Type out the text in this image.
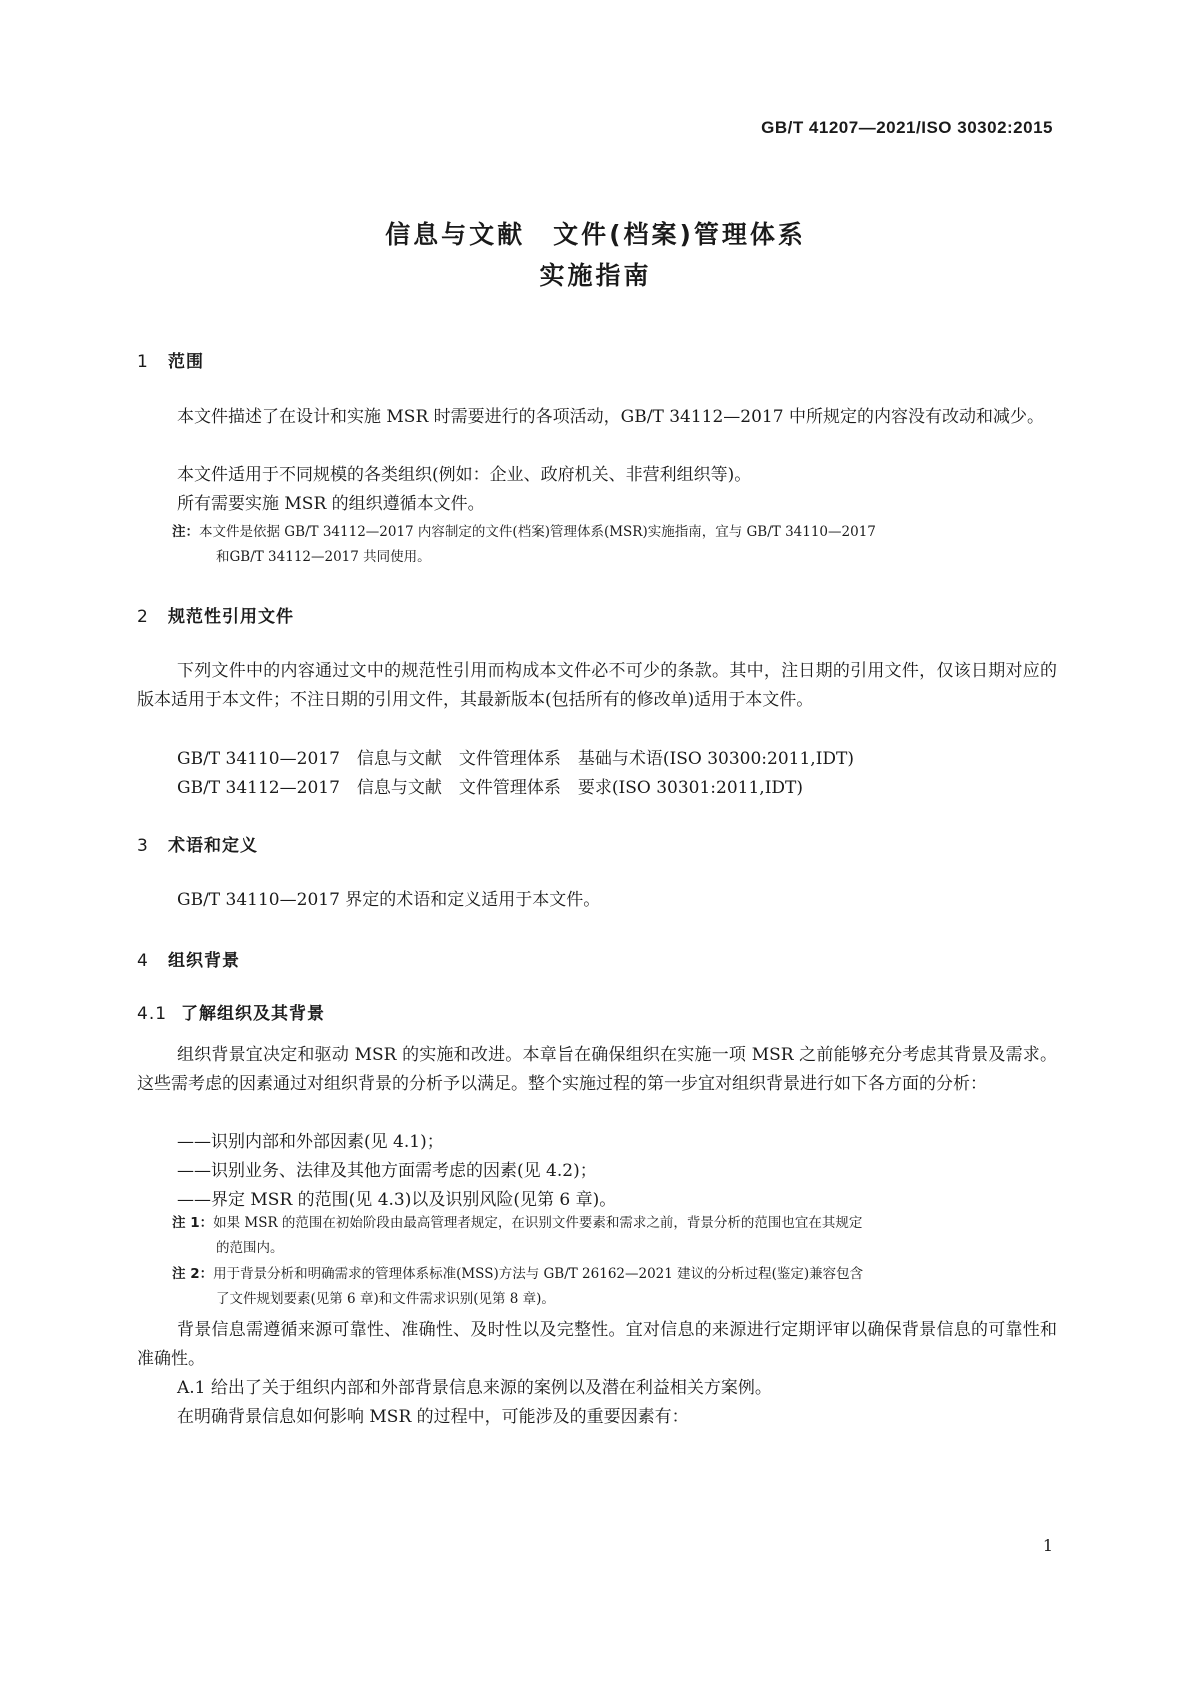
GB/T 41207—2021/ISO 30302:2015
信息与文献　文件(档案)管理体系
实施指南
1 范围
本文件描述了在设计和实施 MSR 时需要进行的各项活动，GB/T 34112—2017 中所规定的内容没有改动和减少。
本文件适用于不同规模的各类组织(例如：企业、政府机关、非营利组织等)。
所有需要实施 MSR 的组织遵循本文件。
注：本文件是依据 GB/T 34112—2017 内容制定的文件(档案)管理体系(MSR)实施指南，宜与 GB/T 34110—2017
和GB/T 34112—2017 共同使用。
2 规范性引用文件
下列文件中的内容通过文中的规范性引用而构成本文件必不可少的条款。其中，注日期的引用文件，仅该日期对应的版本适用于本文件；不注日期的引用文件，其最新版本(包括所有的修改单)适用于本文件。
GB/T 34110—2017　信息与文献　文件管理体系　基础与术语(ISO 30300:2011,IDT)
GB/T 34112—2017　信息与文献　文件管理体系　要求(ISO 30301:2011,IDT)
3 术语和定义
GB/T 34110—2017 界定的术语和定义适用于本文件。
4 组织背景
4.1 了解组织及其背景
组织背景宜决定和驱动 MSR 的实施和改进。本章旨在确保组织在实施一项 MSR 之前能够充分考虑其背景及需求。这些需考虑的因素通过对组织背景的分析予以满足。整个实施过程的第一步宜对组织背景进行如下各方面的分析：
——识别内部和外部因素(见 4.1)；
——识别业务、法律及其他方面需考虑的因素(见 4.2)；
——界定 MSR 的范围(见 4.3)以及识别风险(见第 6 章)。
注 1：如果 MSR 的范围在初始阶段由最高管理者规定，在识别文件要素和需求之前，背景分析的范围也宜在其规定
的范围内。
注 2：用于背景分析和明确需求的管理体系标准(MSS)方法与 GB/T 26162—2021 建议的分析过程(鉴定)兼容包含
了文件规划要素(见第 6 章)和文件需求识别(见第 8 章)。
背景信息需遵循来源可靠性、准确性、及时性以及完整性。宜对信息的来源进行定期评审以确保背景信息的可靠性和准确性。
A.1 给出了关于组织内部和外部背景信息来源的案例以及潜在利益相关方案例。
在明确背景信息如何影响 MSR 的过程中，可能涉及的重要因素有：
1
